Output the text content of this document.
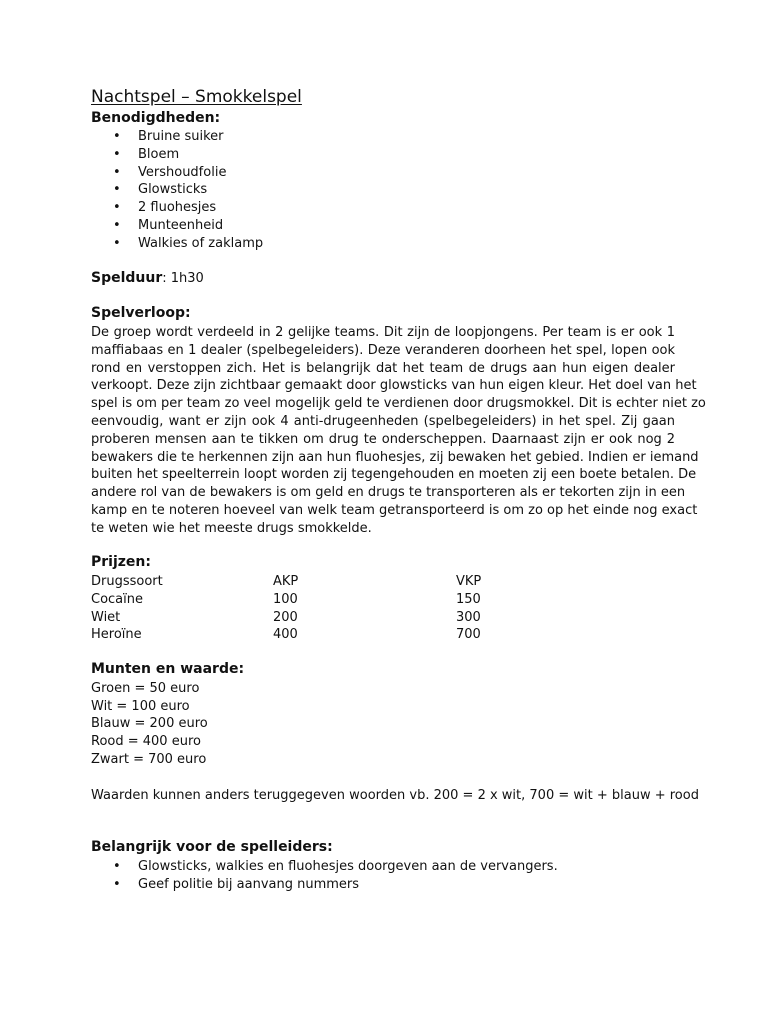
Nachtspel – Smokkelspel
Benodigdheden:
• Bruine suiker
• Bloem
• Vershoudfolie
• Glowsticks
• 2 fluohesjes
• Munteenheid
• Walkies of zaklamp
Spelduur: 1h30
Spelverloop:
De groep wordt verdeeld in 2 gelijke teams. Dit zijn de loopjongens. Per team is er ook 1
maffiabaas en 1 dealer (spelbegeleiders). Deze veranderen doorheen het spel, lopen ook
rond en verstoppen zich. Het is belangrijk dat het team de drugs aan hun eigen dealer
verkoopt. Deze zijn zichtbaar gemaakt door glowsticks van hun eigen kleur. Het doel van het
spel is om per team zo veel mogelijk geld te verdienen door drugsmokkel. Dit is echter niet zo
eenvoudig, want er zijn ook 4 anti-drugeenheden (spelbegeleiders) in het spel. Zij gaan
proberen mensen aan te tikken om drug te onderscheppen. Daarnaast zijn er ook nog 2
bewakers die te herkennen zijn aan hun fluohesjes, zij bewaken het gebied. Indien er iemand
buiten het speelterrein loopt worden zij tegengehouden en moeten zij een boete betalen. De
andere rol van de bewakers is om geld en drugs te transporteren als er tekorten zijn in een
kamp en te noteren hoeveel van welk team getransporteerd is om zo op het einde nog exact
te weten wie het meeste drugs smokkelde.
Prijzen:
Drugssoort	AKP	VKP
Cocaïne	100	150
Wiet	200	300
Heroïne	400	700
Munten en waarde:
Groen = 50 euro
Wit = 100 euro
Blauw = 200 euro
Rood = 400 euro
Zwart = 700 euro
Waarden kunnen anders teruggegeven woorden vb. 200 = 2 x wit, 700 = wit + blauw + rood
Belangrijk voor de spelleiders:
• Glowsticks, walkies en fluohesjes doorgeven aan de vervangers.
• Geef politie bij aanvang nummers
